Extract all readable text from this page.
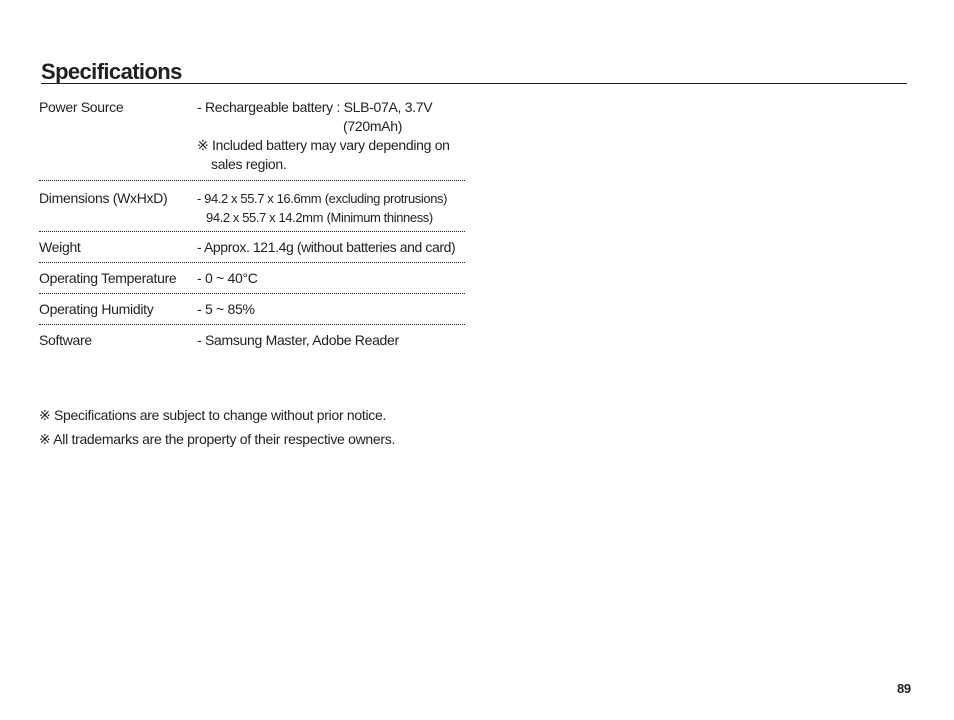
Specifications
Power Source	- Rechargeable battery : SLB-07A, 3.7V
(720mAh)
※ Included battery may vary depending on
sales region.
Dimensions (WxHxD)	- 94.2 x 55.7 x 16.6mm (excluding protrusions)
94.2 x 55.7 x 14.2mm (Minimum thinness)
Weight	- Approx. 121.4g (without batteries and card)
Operating Temperature	- 0 ~ 40°C
Operating Humidity	- 5 ~ 85%
Software	- Samsung Master, Adobe Reader
※ Specifications are subject to change without prior notice.
※ All trademarks are the property of their respective owners.
89
